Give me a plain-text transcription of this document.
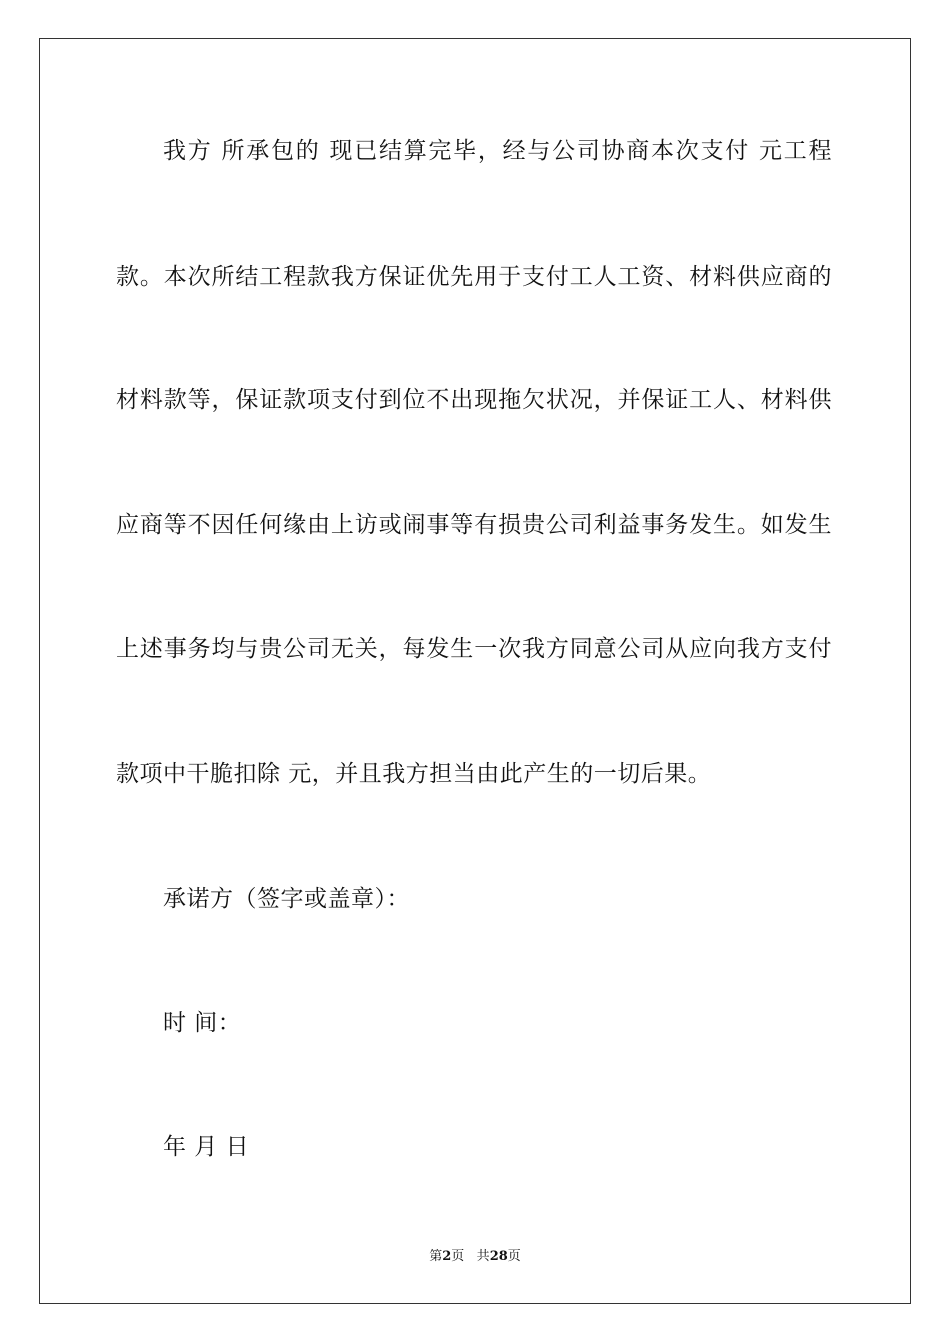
我方 所承包的 现已结算完毕，经与公司协商本次支付 元工程
款。本次所结工程款我方保证优先用于支付工人工资、材料供应商的
材料款等，保证款项支付到位不出现拖欠状况，并保证工人、材料供
应商等不因任何缘由上访或闹事等有损贵公司利益事务发生。如发生
上述事务均与贵公司无关，每发生一次我方同意公司从应向我方支付
款项中干脆扣除 元，并且我方担当由此产生的一切后果。
承诺方（签字或盖章）：
时 间：
年 月 日
第2页 共28页
